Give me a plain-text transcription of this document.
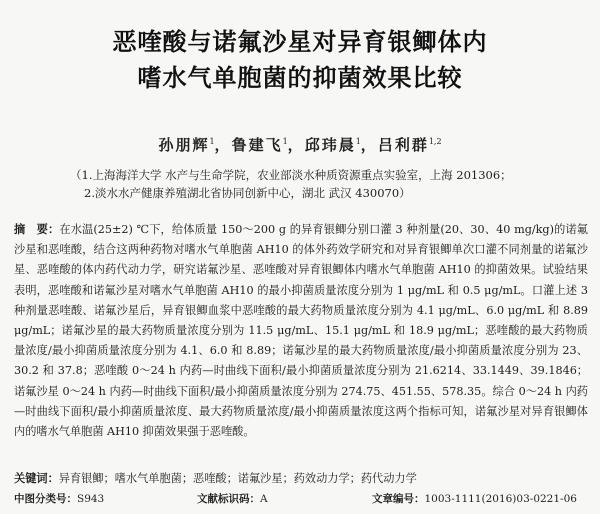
恶喹酸与诺氟沙星对异育银鲫体内
嗜水气单胞菌的抑菌效果比较
孙朋辉$^1$，鲁建飞$^1$，邱玮晨$^1$，吕利群$^{1,2}$
（1.上海海洋大学 水产与生命学院，农业部淡水种质资源重点实验室，上海 201306；
2.淡水水产健康养殖湖北省协同创新中心，湖北 武汉 430070）
摘　要：在水温(25±2) ℃下，给体质量 150～200 g 的异育银鲫分别口灌 3 种剂量(20、30、40 mg/kg)的诺氟沙星和恶喹酸，结合这两种药物对嗜水气单胞菌 AH10 的体外药效学研究和对异育银鲫单次口灌不同剂量的诺氟沙星、恶喹酸的体内药代动力学，研究诺氟沙星、恶喹酸对异育银鲫体内嗜水气单胞菌 AH10 的抑菌效果。试验结果表明，恶喹酸和诺氟沙星对嗜水气单胞菌 AH10 的最小抑菌质量浓度分别为 1 μg/mL 和 0.5 μg/mL。口灌上述 3 种剂量恶喹酸、诺氟沙星后，异育银鲫血浆中恶喹酸的最大药物质量浓度分别为 4.1 μg/mL、6.0 μg/mL 和 8.89 μg/mL；诺氟沙星的最大药物质量浓度分别为 11.5 μg/mL、15.1 μg/mL 和 18.9 μg/mL；恶喹酸的最大药物质量浓度/最小抑菌质量浓度分别为 4.1、6.0 和 8.89；诺氟沙星的最大药物质量浓度/最小抑菌质量浓度分别为 23、30.2 和 37.8；恶喹酸 0～24 h 内药—时曲线下面积/最小抑菌质量浓度分别为 21.6214、33.1449、39.1846；诺氟沙星 0～24 h 内药—时曲线下面积/最小抑菌质量浓度分别为 274.75、451.55、578.35。综合 0～24 h 内药—时曲线下面积/最小抑菌质量浓度、最大药物质量浓度/最小抑菌质量浓度这两个指标可知，诺氟沙星对异育银鲫体内的嗜水气单胞菌 AH10 抑菌效果强于恶喹酸。
关键词：异育银鲫；嗜水气单胞菌；恶喹酸；诺氟沙星；药效动力学；药代动力学
中图分类号：S943	文献标识码：A	文章编号：1003-1111(2016)03-0221-06
